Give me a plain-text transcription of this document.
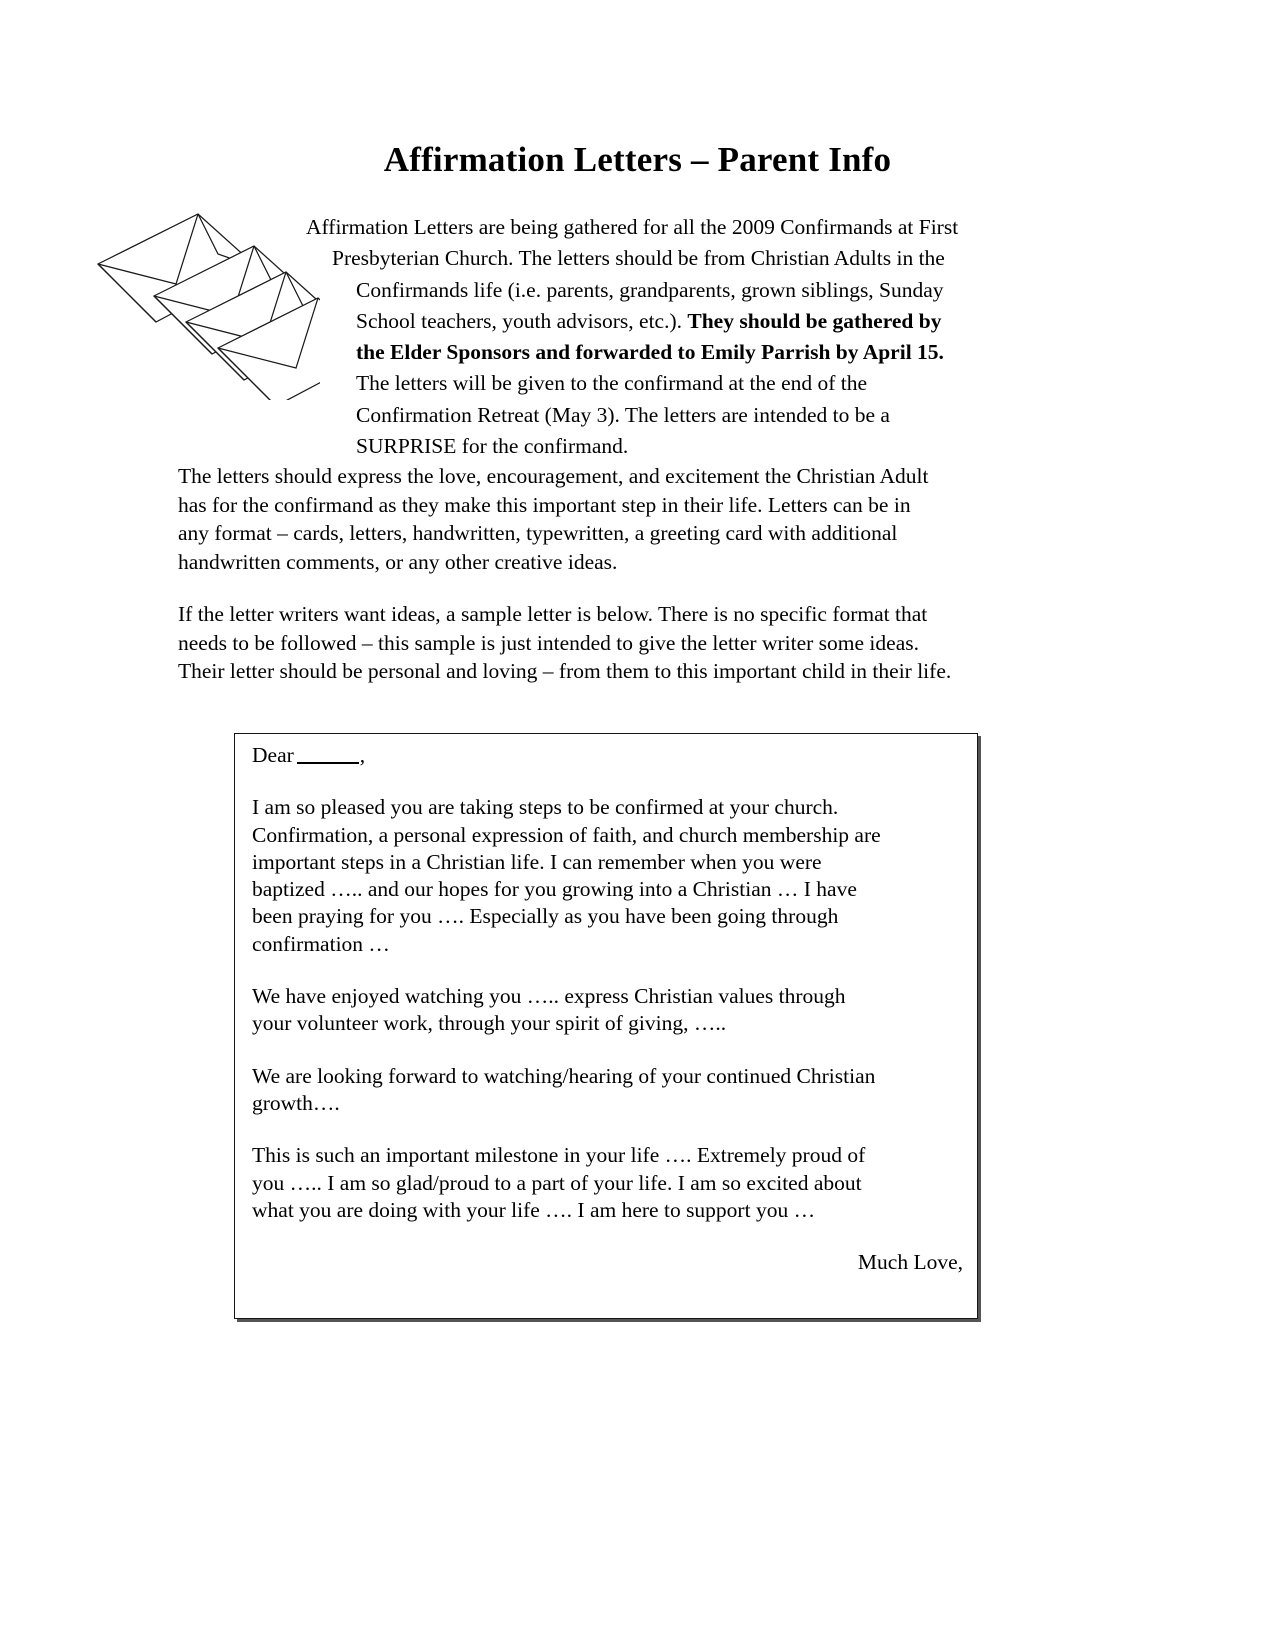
Affirmation Letters – Parent Info
Affirmation Letters are being gathered for all the 2009 Confirmands at First
Presbyterian Church. The letters should be from Christian Adults in the
Confirmands life (i.e. parents, grandparents, grown siblings, Sunday
School teachers, youth advisors, etc.). They should be gathered by
the Elder Sponsors and forwarded to Emily Parrish by April 15.
The letters will be given to the confirmand at the end of the
Confirmation Retreat (May 3). The letters are intended to be a
SURPRISE for the confirmand.
The letters should express the love, encouragement, and excitement the Christian Adult
has for the confirmand as they make this important step in their life. Letters can be in
any format – cards, letters, handwritten, typewritten, a greeting card with additional
handwritten comments, or any other creative ideas.
If the letter writers want ideas, a sample letter is below. There is no specific format that
needs to be followed – this sample is just intended to give the letter writer some ideas.
Their letter should be personal and loving – from them to this important child in their life.

Dear	,

I am so pleased you are taking steps to be confirmed at your church.
Confirmation, a personal expression of faith, and church membership are
important steps in a Christian life. I can remember when you were
baptized ….. and our hopes for you growing into a Christian … I have
been praying for you …. Especially as you have been going through
confirmation …

We have enjoyed watching you ….. express Christian values through
your volunteer work, through your spirit of giving, …..

We are looking forward to watching/hearing of your continued Christian
growth….

This is such an important milestone in your life …. Extremely proud of
you ….. I am so glad/proud to a part of your life. I am so excited about
what you are doing with your life …. I am here to support you …

Much Love,
